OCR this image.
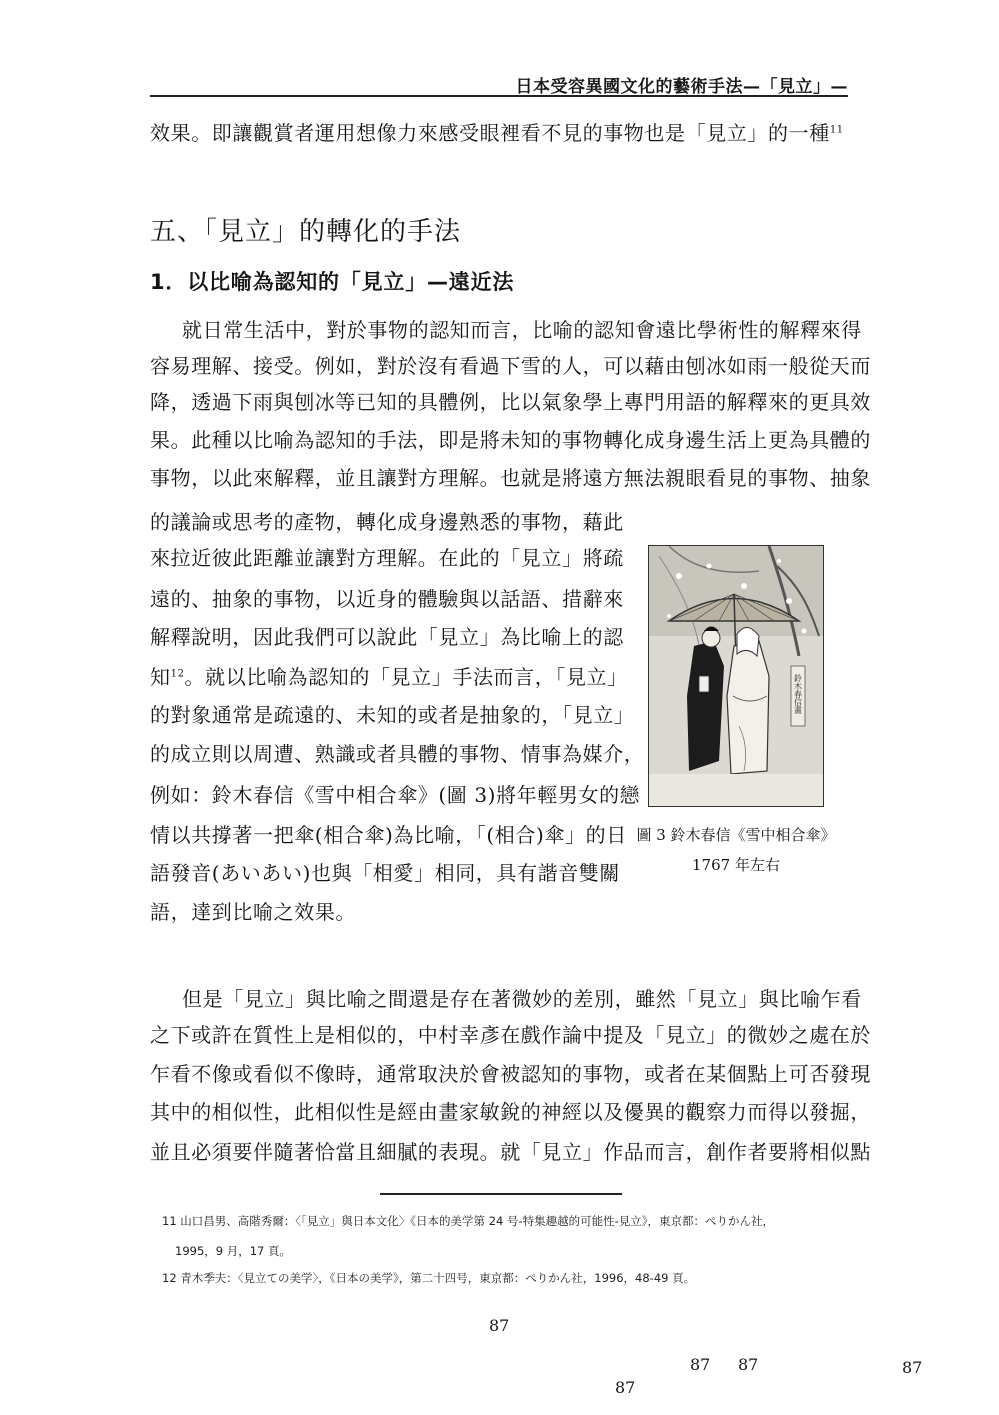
日本受容異國文化的藝術手法—「見立」—
效果。即讓觀賞者運用想像力來感受眼裡看不見的事物也是「見立」的一種$^{11}$
五、「見立」的轉化的手法
1．以比喻為認知的「見立」—遠近法
就日常生活中，對於事物的認知而言，比喻的認知會遠比學術性的解釋來得
容易理解、接受。例如，對於沒有看過下雪的人，可以藉由刨冰如雨一般從天而
降，透過下雨與刨冰等已知的具體例，比以氣象學上專門用語的解釋來的更具效
果。此種以比喻為認知的手法，即是將未知的事物轉化成身邊生活上更為具體的
事物，以此來解釋，並且讓對方理解。也就是將遠方無法親眼看見的事物、抽象
的議論或思考的產物，轉化成身邊熟悉的事物，藉此
來拉近彼此距離並讓對方理解。在此的「見立」將疏
遠的、抽象的事物，以近身的體驗與以話語、措辭來
解釋說明，因此我們可以說此「見立」為比喻上的認
知$^{12}$。就以比喻為認知的「見立」手法而言，「見立」
的對象通常是疏遠的、未知的或者是抽象的，「見立」
的成立則以周遭、熟識或者具體的事物、情事為媒介，
例如：鈴木春信《雪中相合傘》(圖 3)將年輕男女的戀
情以共撐著一把傘(相合傘)為比喻，「(相合)傘」的日
語發音(あいあい)也與「相愛」相同，具有諧音雙關
語，達到比喻之效果。
鈴木春信畫
圖 3 鈴木春信《雪中相合傘》
1767 年左右
但是「見立」與比喻之間還是存在著微妙的差別，雖然「見立」與比喻乍看
之下或許在質性上是相似的，中村幸彥在戲作論中提及「見立」的微妙之處在於
乍看不像或看似不像時，通常取決於會被認知的事物，或者在某個點上可否發現
其中的相似性，此相似性是經由畫家敏銳的神經以及優異的觀察力而得以發掘，
並且必須要伴隨著恰當且細膩的表現。就「見立」作品而言，創作者要將相似點
11 山口昌男、高階秀爾：〈「見立」與日本文化〉《日本的美学第 24 号-特集趣越的可能性-見立》，東京都：ぺりかん社，
1995，9 月，17 頁。
12 青木季夫：〈見立ての美学〉，《日本の美学》，第二十四号，東京都：ぺりかん社，1996，48-49 頁。
87
87 87	87
87
